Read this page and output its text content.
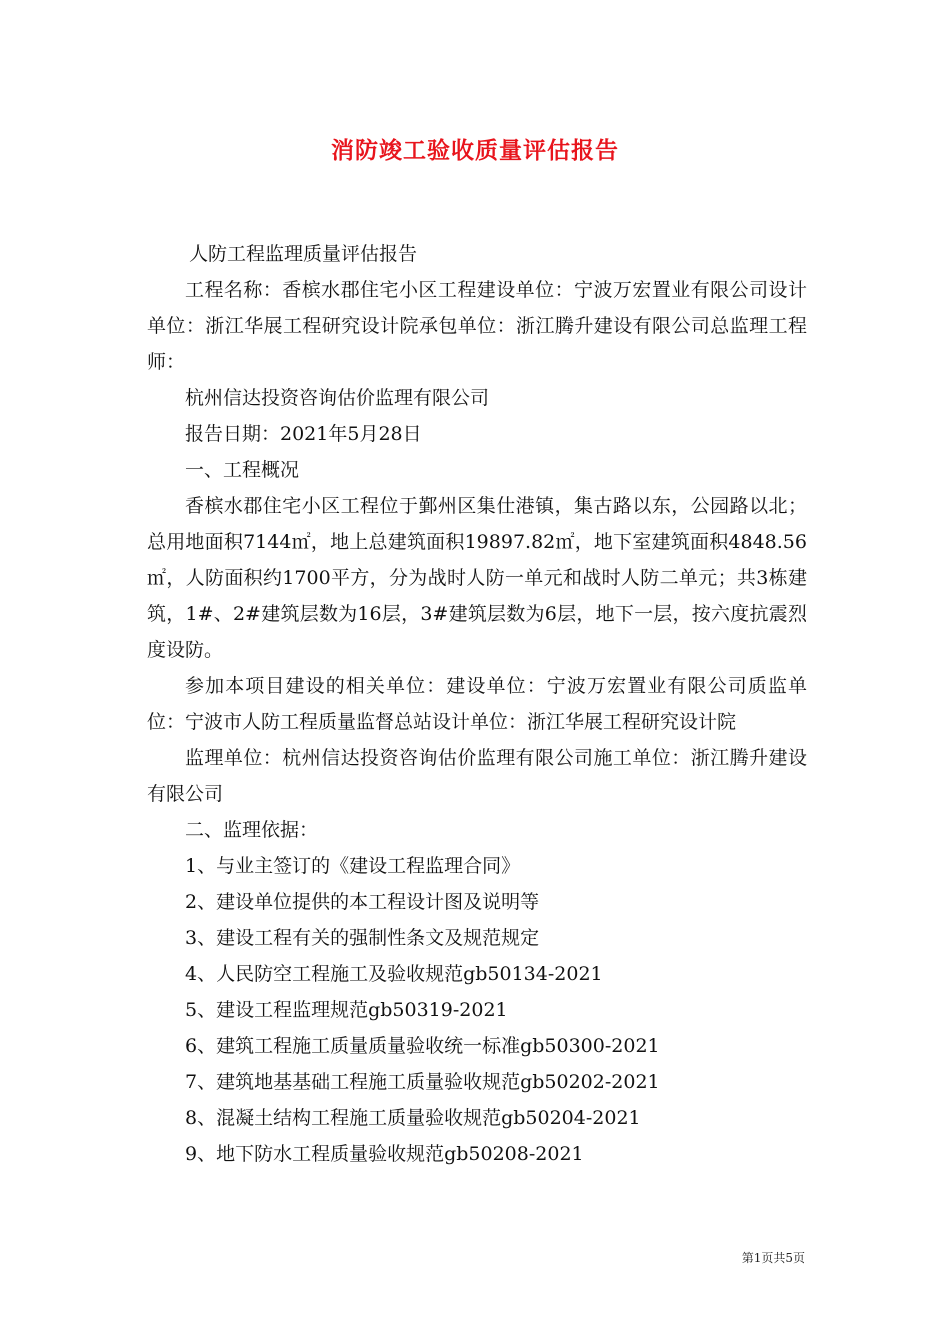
消防竣工验收质量评估报告

人防工程监理质量评估报告

工程名称：香槟水郡住宅小区工程建设单位：宁波万宏置业有限公司设计单位：浙江华展工程研究设计院承包单位：浙江腾升建设有限公司总监理工程师：

杭州信达投资咨询估价监理有限公司

报告日期：2021年5月28日

一、工程概况

香槟水郡住宅小区工程位于鄞州区集仕港镇，集古路以东，公园路以北；总用地面积7144㎡，地上总建筑面积19897.82㎡，地下室建筑面积4848.56㎡，人防面积约1700平方，分为战时人防一单元和战时人防二单元；共3栋建筑，1#、2#建筑层数为16层，3#建筑层数为6层，地下一层，按六度抗震烈度设防。

参加本项目建设的相关单位：建设单位：宁波万宏置业有限公司质监单位：宁波市人防工程质量监督总站设计单位：浙江华展工程研究设计院

监理单位：杭州信达投资咨询估价监理有限公司施工单位：浙江腾升建设有限公司

二、监理依据：

1、与业主签订的《建设工程监理合同》

2、建设单位提供的本工程设计图及说明等

3、建设工程有关的强制性条文及规范规定

4、人民防空工程施工及验收规范gb50134-2021

5、建设工程监理规范gb50319-2021

6、建筑工程施工质量质量验收统一标准gb50300-2021

7、建筑地基基础工程施工质量验收规范gb50202-2021

8、混凝土结构工程施工质量验收规范gb50204-2021

9、地下防水工程质量验收规范gb50208-2021

第1页共5页
